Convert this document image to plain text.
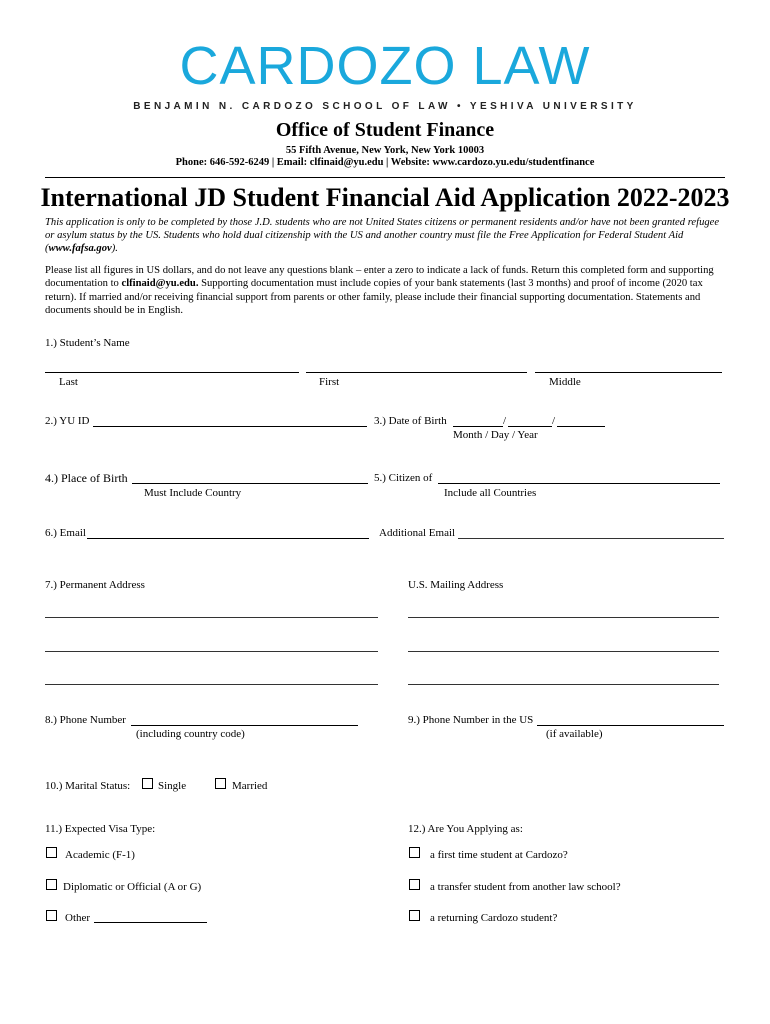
CARDOZO LAW
BENJAMIN N. CARDOZO SCHOOL OF LAW • YESHIVA UNIVERSITY
Office of Student Finance
55 Fifth Avenue, New York, New York 10003
Phone: 646-592-6249 | Email: clfinaid@yu.edu | Website: www.cardozo.yu.edu/studentfinance
International JD Student Financial Aid Application 2022-2023
This application is only to be completed by those J.D. students who are not United States citizens or permanent residents and/or have not been granted refugee or asylum status by the US. Students who hold dual citizenship with the US and another country must file the Free Application for Federal Student Aid (www.fafsa.gov).
Please list all figures in US dollars, and do not leave any questions blank – enter a zero to indicate a lack of funds. Return this completed form and supporting documentation to clfinaid@yu.edu. Supporting documentation must include copies of your bank statements (last 3 months) and proof of income (2020 tax return). If married and/or receiving financial support from parents or other family, please include their financial supporting documentation. Statements and documents should be in English.
1.) Student’s Name
Last	First	Middle
2.) YU ID	3.) Date of Birth	/	/
Month / Day / Year
4.) Place of Birth
Must Include Country
5.) Citizen of
Include all Countries
6.) Email	Additional Email
7.) Permanent Address	U.S. Mailing Address
8.) Phone Number
(including country code)
9.) Phone Number in the US
(if available)
10.) Marital Status:	Single	Married
11.) Expected Visa Type:
Academic (F-1)
Diplomatic or Official (A or G)
Other
12.) Are You Applying as:
a first time student at Cardozo?
a transfer student from another law school?
a returning Cardozo student?
